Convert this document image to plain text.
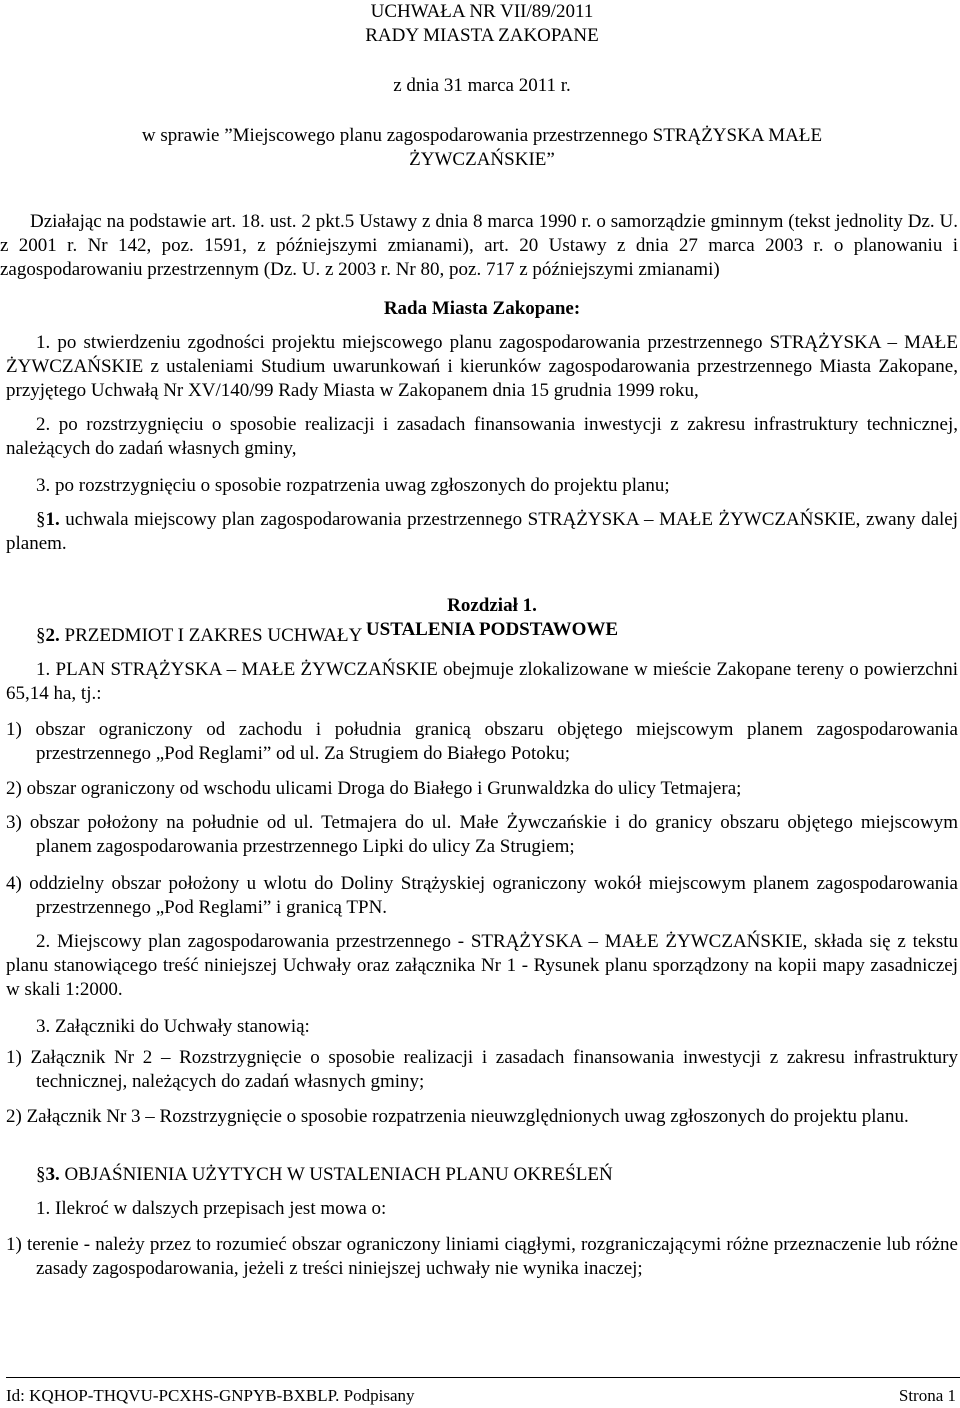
UCHWAŁA NR VII/89/2011
RADY MIASTA ZAKOPANE
z dnia 31 marca 2011 r.
w sprawie ”Miejscowego planu zagospodarowania przestrzennego STRĄŻYSKA MAŁE
ŻYWCZAŃSKIE”
Działając na podstawie art. 18. ust. 2 pkt.5 Ustawy z dnia 8 marca 1990 r. o samorządzie gminnym (tekst jednolity Dz. U. z 2001 r. Nr 142, poz. 1591, z późniejszymi zmianami), art. 20 Ustawy z dnia 27 marca 2003 r. o planowaniu i zagospodarowaniu przestrzennym (Dz. U. z 2003 r. Nr 80, poz. 717 z późniejszymi zmianami)
Rada Miasta Zakopane:
1. po stwierdzeniu zgodności projektu miejscowego planu zagospodarowania przestrzennego STRĄŻYSKA – MAŁE ŻYWCZAŃSKIE z ustaleniami Studium uwarunkowań i kierunków zagospodarowania przestrzennego Miasta Zakopane, przyjętego Uchwałą Nr XV/140/99 Rady Miasta w Zakopanem dnia 15 grudnia 1999 roku,
2. po rozstrzygnięciu o sposobie realizacji i zasadach finansowania inwestycji z zakresu infrastruktury technicznej, należących do zadań własnych gminy,
3. po rozstrzygnięciu o sposobie rozpatrzenia uwag zgłoszonych do projektu planu;
§1. uchwala miejscowy plan zagospodarowania przestrzennego STRĄŻYSKA – MAŁE ŻYWCZAŃSKIE, zwany dalej planem.
Rozdział 1.
USTALENIA PODSTAWOWE
§2. PRZEDMIOT I ZAKRES UCHWAŁY
1. PLAN STRĄŻYSKA – MAŁE ŻYWCZAŃSKIE obejmuje zlokalizowane w mieście Zakopane tereny o powierzchni 65,14 ha, tj.:
1) obszar ograniczony od zachodu i południa granicą obszaru objętego miejscowym planem zagospodarowania przestrzennego „Pod Reglami” od ul. Za Strugiem do Białego Potoku;
2) obszar ograniczony od wschodu ulicami Droga do Białego i Grunwaldzka do ulicy Tetmajera;
3) obszar położony na południe od ul. Tetmajera do ul. Małe Żywczańskie i do granicy obszaru objętego miejscowym planem zagospodarowania przestrzennego Lipki do ulicy Za Strugiem;
4) oddzielny obszar położony u wlotu do Doliny Strążyskiej ograniczony wokół miejscowym planem zagospodarowania przestrzennego „Pod Reglami” i granicą TPN.
2. Miejscowy plan zagospodarowania przestrzennego - STRĄŻYSKA – MAŁE ŻYWCZAŃSKIE, składa się z tekstu planu stanowiącego treść niniejszej Uchwały oraz załącznika Nr 1 - Rysunek planu sporządzony na kopii mapy zasadniczej w skali 1:2000.
3. Załączniki do Uchwały stanowią:
1) Załącznik Nr 2 – Rozstrzygnięcie o sposobie realizacji i zasadach finansowania inwestycji z zakresu infrastruktury technicznej, należących do zadań własnych gminy;
2) Załącznik Nr 3 – Rozstrzygnięcie o sposobie rozpatrzenia nieuwzględnionych uwag zgłoszonych do projektu planu.
§3. OBJAŚNIENIA UŻYTYCH W USTALENIACH PLANU OKREŚLEŃ
1. Ilekroć w dalszych przepisach jest mowa o:
1) terenie - należy przez to rozumieć obszar ograniczony liniami ciągłymi, rozgraniczającymi różne przeznaczenie lub różne zasady zagospodarowania, jeżeli z treści niniejszej uchwały nie wynika inaczej;
Id: KQHOP-THQVU-PCXHS-GNPYB-BXBLP. Podpisany	Strona 1
